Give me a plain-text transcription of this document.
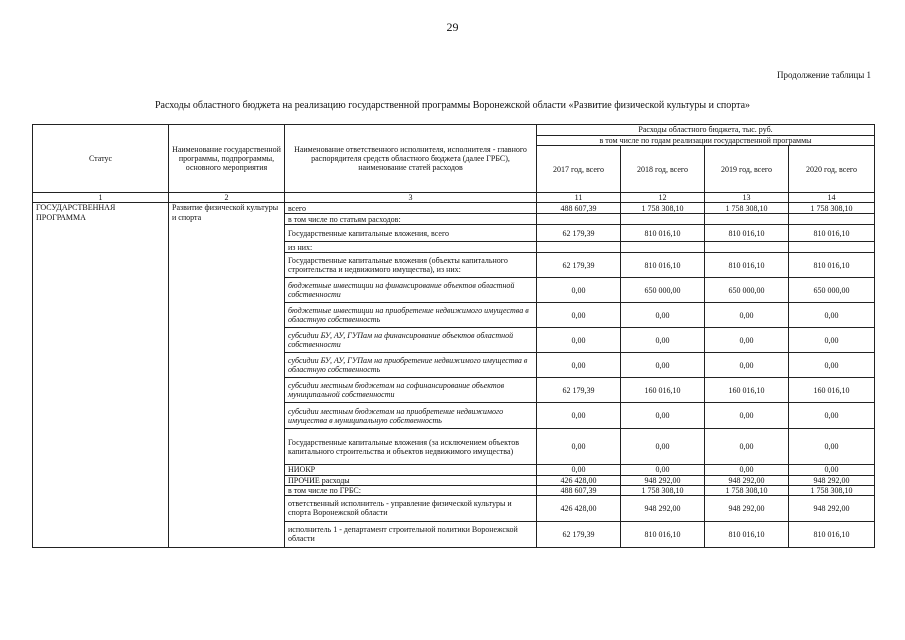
29
Продолжение таблицы 1
Расходы областного бюджета на реализацию государственной программы Воронежской области «Развитие физической культуры и спорта»
Статус	Наименование государственной программы, подпрограммы, основного мероприятия	Наименование ответственного исполнителя, исполнителя - главного распорядителя средств областного бюджета (далее ГРБС), наименование статей расходов	Расходы областного бюджета, тыс. руб.			
			в том числе по годам реализации государственной программы			
			2017 год, всего	2018 год, всего	2019 год, всего	2020 год, всего
1	2	3	11	12	13	14
ГОСУДАРСТВЕННАЯ ПРОГРАММА	Развитие физической культуры и спорта	всего	488 607,39	1 758 308,10	1 758 308,10	1 758 308,10
		в том числе по статьям расходов:				
		Государственные капитальные вложения, всего	62 179,39	810 016,10	810 016,10	810 016,10
		из них:				
		Государственные капитальные вложения (объекты капитального строительства и недвижимого имущества), из них:	62 179,39	810 016,10	810 016,10	810 016,10
		бюджетные инвестиции на финансирование объектов областной собственности	0,00	650 000,00	650 000,00	650 000,00
		бюджетные инвестиции на приобретение недвижимого имущества в областную собственность	0,00	0,00	0,00	0,00
		субсидии БУ, АУ, ГУПам на финансирование объектов областной собственности	0,00	0,00	0,00	0,00
		субсидии БУ, АУ, ГУПам на приобретение недвижимого имущества в областную собственность	0,00	0,00	0,00	0,00
		субсидии местным бюджетам на софинансирование объектов муниципальной собственности	62 179,39	160 016,10	160 016,10	160 016,10
		субсидии местным бюджетам на приобретение недвижимого имущества в муниципальную собственность	0,00	0,00	0,00	0,00
		Государственные капитальные вложения (за исключением объектов капитального строительства и объектов недвижимого имущества)	0,00	0,00	0,00	0,00
		НИОКР	0,00	0,00	0,00	0,00
		ПРОЧИЕ расходы	426 428,00	948 292,00	948 292,00	948 292,00
		в том числе по ГРБС:	488 607,39	1 758 308,10	1 758 308,10	1 758 308,10
		ответственный исполнитель - управление физической культуры и спорта Воронежской области	426 428,00	948 292,00	948 292,00	948 292,00
		исполнитель 1 - департамент строительной политики Воронежской области	62 179,39	810 016,10	810 016,10	810 016,10
